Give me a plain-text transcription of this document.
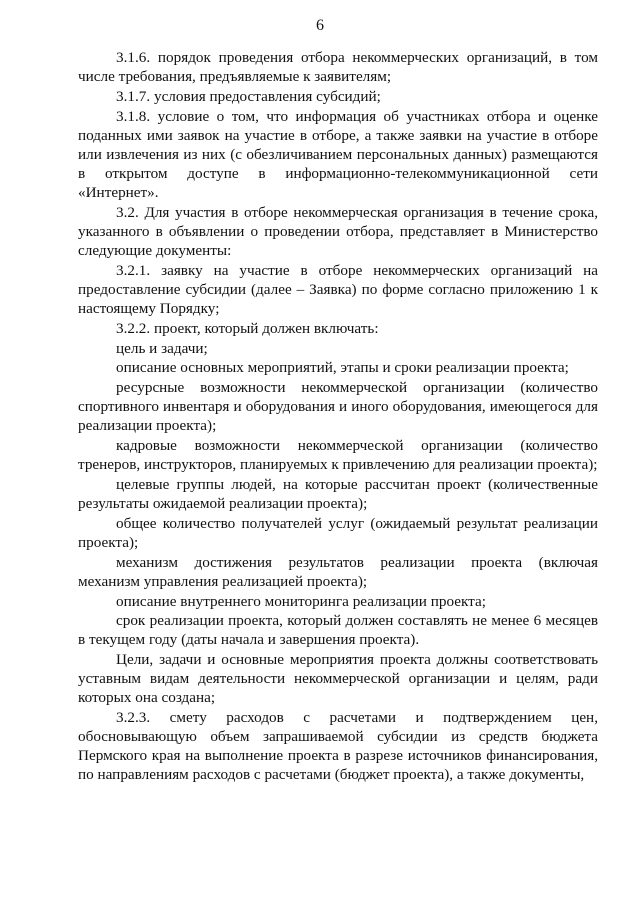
6

3.1.6. порядок проведения отбора некоммерческих организаций, в том числе требования, предъявляемые к заявителям;

3.1.7. условия предоставления субсидий;

3.1.8. условие о том, что информация об участниках отбора и оценке поданных ими заявок на участие в отборе, а также заявки на участие в отборе или извлечения из них (с обезличиванием персональных данных) размещаются в открытом доступе в информационно-телекоммуникационной сети «Интернет».

3.2. Для участия в отборе некоммерческая организация в течение срока, указанного в объявлении о проведении отбора, представляет в Министерство следующие документы:

3.2.1. заявку на участие в отборе некоммерческих организаций на предоставление субсидии (далее – Заявка) по форме согласно приложению 1 к настоящему Порядку;

3.2.2. проект, который должен включать:

цель и задачи;

описание основных мероприятий, этапы и сроки реализации проекта;

ресурсные возможности некоммерческой организации (количество спортивного инвентаря и оборудования и иного оборудования, имеющегося для реализации проекта);

кадровые возможности некоммерческой организации (количество тренеров, инструкторов, планируемых к привлечению для реализации проекта);

целевые группы людей, на которые рассчитан проект (количественные результаты ожидаемой реализации проекта);

общее количество получателей услуг (ожидаемый результат реализации проекта);

механизм достижения результатов реализации проекта (включая механизм управления реализацией проекта);

описание внутреннего мониторинга реализации проекта;

срок реализации проекта, который должен составлять не менее 6 месяцев в текущем году (даты начала и завершения проекта).

Цели, задачи и основные мероприятия проекта должны соответствовать уставным видам деятельности некоммерческой организации и целям, ради которых она создана;

3.2.3. смету расходов с расчетами и подтверждением цен, обосновывающую объем запрашиваемой субсидии из средств бюджета Пермского края на выполнение проекта в разрезе источников финансирования, по направлениям расходов с расчетами (бюджет проекта), а также документы,
